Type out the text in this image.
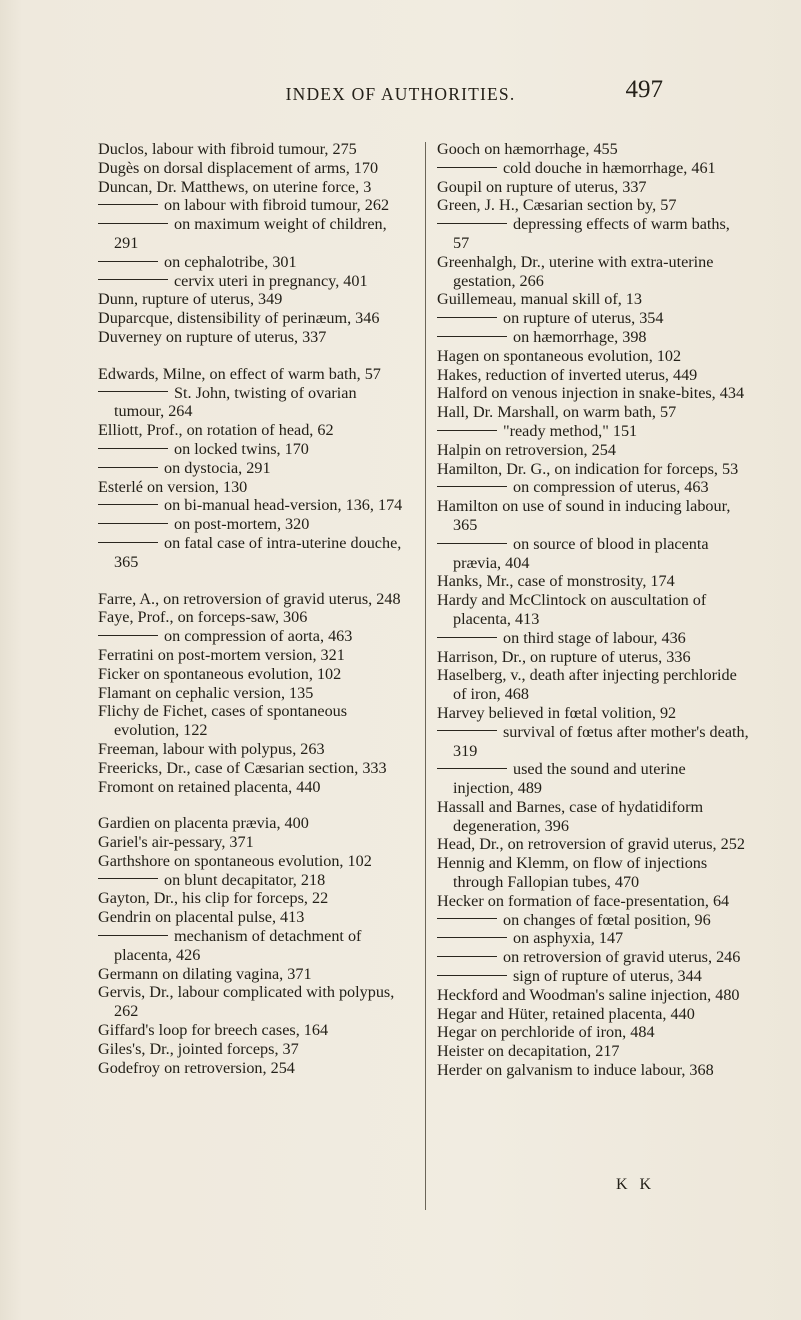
INDEX OF AUTHORITIES.	497
Duclos, labour with fibroid tumour, 275
Dugès on dorsal displacement of arms, 170
Duncan, Dr. Matthews, on uterine force, 3
on labour with fibroid tumour, 262
on maximum weight of children, 291
on cephalotribe, 301
cervix uteri in pregnancy, 401
Dunn, rupture of uterus, 349
Duparcque, distensibility of perinæum, 346
Duverney on rupture of uterus, 337
Edwards, Milne, on effect of warm bath, 57
St. John, twisting of ovarian tumour, 264
Elliott, Prof., on rotation of head, 62
on locked twins, 170
on dystocia, 291
Esterlé on version, 130
on bi-manual head-version, 136, 174
on post-mortem, 320
on fatal case of intra-uterine douche, 365
Farre, A., on retroversion of gravid uterus, 248
Faye, Prof., on forceps-saw, 306
on compression of aorta, 463
Ferratini on post-mortem version, 321
Ficker on spontaneous evolution, 102
Flamant on cephalic version, 135
Flichy de Fichet, cases of spontaneous evolution, 122
Freeman, labour with polypus, 263
Freericks, Dr., case of Cæsarian section, 333
Fromont on retained placenta, 440
Gardien on placenta prævia, 400
Gariel's air-pessary, 371
Garthshore on spontaneous evolution, 102
on blunt decapitator, 218
Gayton, Dr., his clip for forceps, 22
Gendrin on placental pulse, 413
mechanism of detachment of placenta, 426
Germann on dilating vagina, 371
Gervis, Dr., labour complicated with polypus, 262
Giffard's loop for breech cases, 164
Giles's, Dr., jointed forceps, 37
Godefroy on retroversion, 254
Gooch on hæmorrhage, 455
cold douche in hæmorrhage, 461
Goupil on rupture of uterus, 337
Green, J. H., Cæsarian section by, 57
depressing effects of warm baths, 57
Greenhalgh, Dr., uterine with extra-uterine gestation, 266
Guillemeau, manual skill of, 13
on rupture of uterus, 354
on hæmorrhage, 398
Hagen on spontaneous evolution, 102
Hakes, reduction of inverted uterus, 449
Halford on venous injection in snake-bites, 434
Hall, Dr. Marshall, on warm bath, 57
"ready method," 151
Halpin on retroversion, 254
Hamilton, Dr. G., on indication for forceps, 53
on compression of uterus, 463
Hamilton on use of sound in inducing labour, 365
on source of blood in placenta prævia, 404
Hanks, Mr., case of monstrosity, 174
Hardy and McClintock on auscultation of placenta, 413
on third stage of labour, 436
Harrison, Dr., on rupture of uterus, 336
Haselberg, v., death after injecting perchloride of iron, 468
Harvey believed in fœtal volition, 92
survival of fœtus after mother's death, 319
used the sound and uterine injection, 489
Hassall and Barnes, case of hydatidiform degeneration, 396
Head, Dr., on retroversion of gravid uterus, 252
Hennig and Klemm, on flow of injections through Fallopian tubes, 470
Hecker on formation of face-presentation, 64
on changes of fœtal position, 96
on asphyxia, 147
on retroversion of gravid uterus, 246
sign of rupture of uterus, 344
Heckford and Woodman's saline injection, 480
Hegar and Hüter, retained placenta, 440
Hegar on perchloride of iron, 484
Heister on decapitation, 217
Herder on galvanism to induce labour, 368
K K
